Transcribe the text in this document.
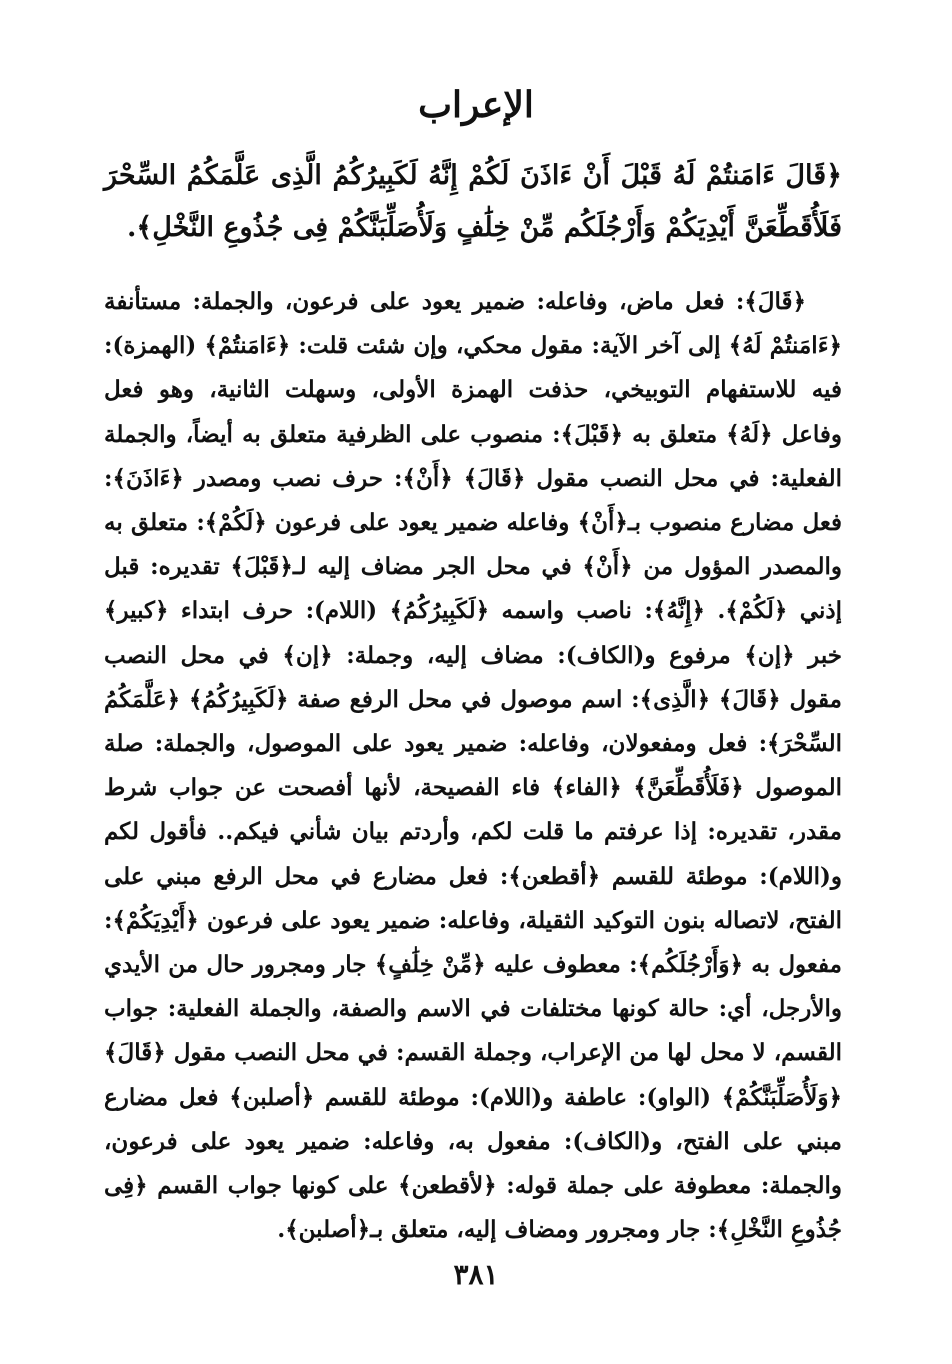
الإعراب
﴿قَالَ ءَامَنتُمْ لَهُ قَبْلَ أَنْ ءَاذَنَ لَكُمْ إِنَّهُ لَكَبِيرُكُمُ الَّذِى عَلَّمَكُمُ السِّحْرَ فَلَأُقَطِّعَنَّ أَيْدِيَكُمْ وَأَرْجُلَكُم مِّنْ خِلَٰفٍ وَلَأُصَلِّبَنَّكُمْ فِى جُذُوعِ النَّخْلِ﴾.

﴿قَالَ﴾: فعل ماض، وفاعله: ضمير يعود على فرعون، والجملة: مستأنفة ﴿ءَامَنتُمْ لَهُ﴾ إلى آخر الآية: مقول محكي، وإن شئت قلت: ﴿ءَامَنتُمْ﴾ (الهمزة): فيه للاستفهام التوبيخي، حذفت الهمزة الأولى، وسهلت الثانية، وهو فعل وفاعل ﴿لَهُ﴾ متعلق به ﴿قَبْلَ﴾: منصوب على الظرفية متعلق به أيضاً، والجملة الفعلية: في محل النصب مقول ﴿قَالَ﴾ ﴿أَنْ﴾: حرف نصب ومصدر ﴿ءَاذَنَ﴾: فعل مضارع منصوب بـ﴿أَنْ﴾ وفاعله ضمير يعود على فرعون ﴿لَكُمْ﴾: متعلق به والمصدر المؤول من ﴿أَنْ﴾ في محل الجر مضاف إليه لـ﴿قَبْلَ﴾ تقديره: قبل إذني ﴿لَكُمْ﴾. ﴿إِنَّهُ﴾: ناصب واسمه ﴿لَكَبِيرُكُمُ﴾ (اللام): حرف ابتداء ﴿كبير﴾ خبر ﴿إن﴾ مرفوع و(الكاف): مضاف إليه، وجملة: ﴿إن﴾ في محل النصب مقول ﴿قَالَ﴾ ﴿الَّذِى﴾: اسم موصول في محل الرفع صفة ﴿لَكَبِيرُكُمُ﴾ ﴿عَلَّمَكُمُ السِّحْرَ﴾: فعل ومفعولان، وفاعله: ضمير يعود على الموصول، والجملة: صلة الموصول ﴿فَلَأُقَطِّعَنَّ﴾ ﴿الفاء﴾ فاء الفصيحة، لأنها أفصحت عن جواب شرط مقدر، تقديره: إذا عرفتم ما قلت لكم، وأردتم بيان شأني فيكم.. فأقول لكم و(اللام): موطئة للقسم ﴿أقطعن﴾: فعل مضارع في محل الرفع مبني على الفتح، لاتصاله بنون التوكيد الثقيلة، وفاعله: ضمير يعود على فرعون ﴿أَيْدِيَكُمْ﴾: مفعول به ﴿وَأَرْجُلَكُم﴾: معطوف عليه ﴿مِّنْ خِلَٰفٍ﴾ جار ومجرور حال من الأيدي والأرجل، أي: حالة كونها مختلفات في الاسم والصفة، والجملة الفعلية: جواب القسم، لا محل لها من الإعراب، وجملة القسم: في محل النصب مقول ﴿قَالَ﴾ ﴿وَلَأُصَلِّبَنَّكُمْ﴾ (الواو): عاطفة و(اللام): موطئة للقسم ﴿أصلبن﴾ فعل مضارع مبني على الفتح، و(الكاف): مفعول به، وفاعله: ضمير يعود على فرعون، والجملة: معطوفة على جملة قوله: ﴿لأقطعن﴾ على كونها جواب القسم ﴿فِى جُذُوعِ النَّخْلِ﴾: جار ومجرور ومضاف إليه، متعلق بـ﴿أصلبن﴾.

٣٨١
